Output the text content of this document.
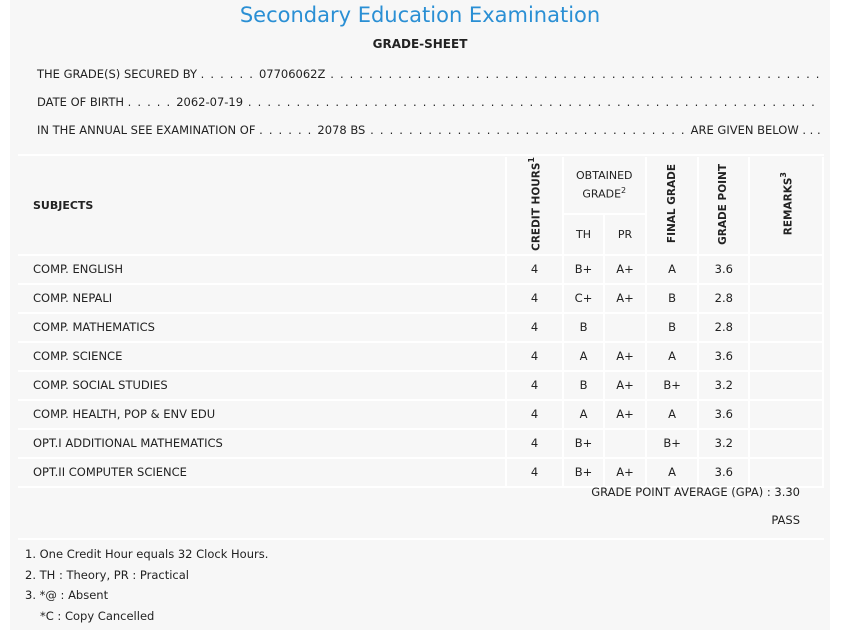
Secondary Education Examination
GRADE-SHEET
THE GRADE(S) SECURED BY . . . . . . 07706062Z . . . . . . . . . . . . . . . . . . . . . . . . . . . . . . . . . . . . . . . . . . . . . . . . . . .
DATE OF BIRTH . . . . . 2062-07-19 . . . . . . . . . . . . . . . . . . . . . . . . . . . . . . . . . . . . . . . . . . . . . . . . . . . . . . . . . . .
IN THE ANNUAL SEE EXAMINATION OF . . . . . . 2078 BS . . . . . . . . . . . . . . . . . . . . . . . . . . . . . . . . . ARE GIVEN BELOW . . .
SUBJECTS	CREDIT HOURS$^1$	OBTAINED GRADE$^2$		FINAL GRADE	GRADE POINT	REMARKS$^3$
		TH	PR			
COMP. ENGLISH	4	B+	A+	A	3.6	
COMP. NEPALI	4	C+	A+	B	2.8	
COMP. MATHEMATICS	4	B		B	2.8	
COMP. SCIENCE	4	A	A+	A	3.6	
COMP. SOCIAL STUDIES	4	B	A+	B+	3.2	
COMP. HEALTH, POP & ENV EDU	4	A	A+	A	3.6	
OPT.I ADDITIONAL MATHEMATICS	4	B+		B+	3.2	
OPT.II COMPUTER SCIENCE	4	B+	A+	A	3.6	
GRADE POINT AVERAGE (GPA) : 3.30
PASS
1. One Credit Hour equals 32 Clock Hours.
2. TH : Theory, PR : Practical
3. *@ : Absent
*C : Copy Cancelled
